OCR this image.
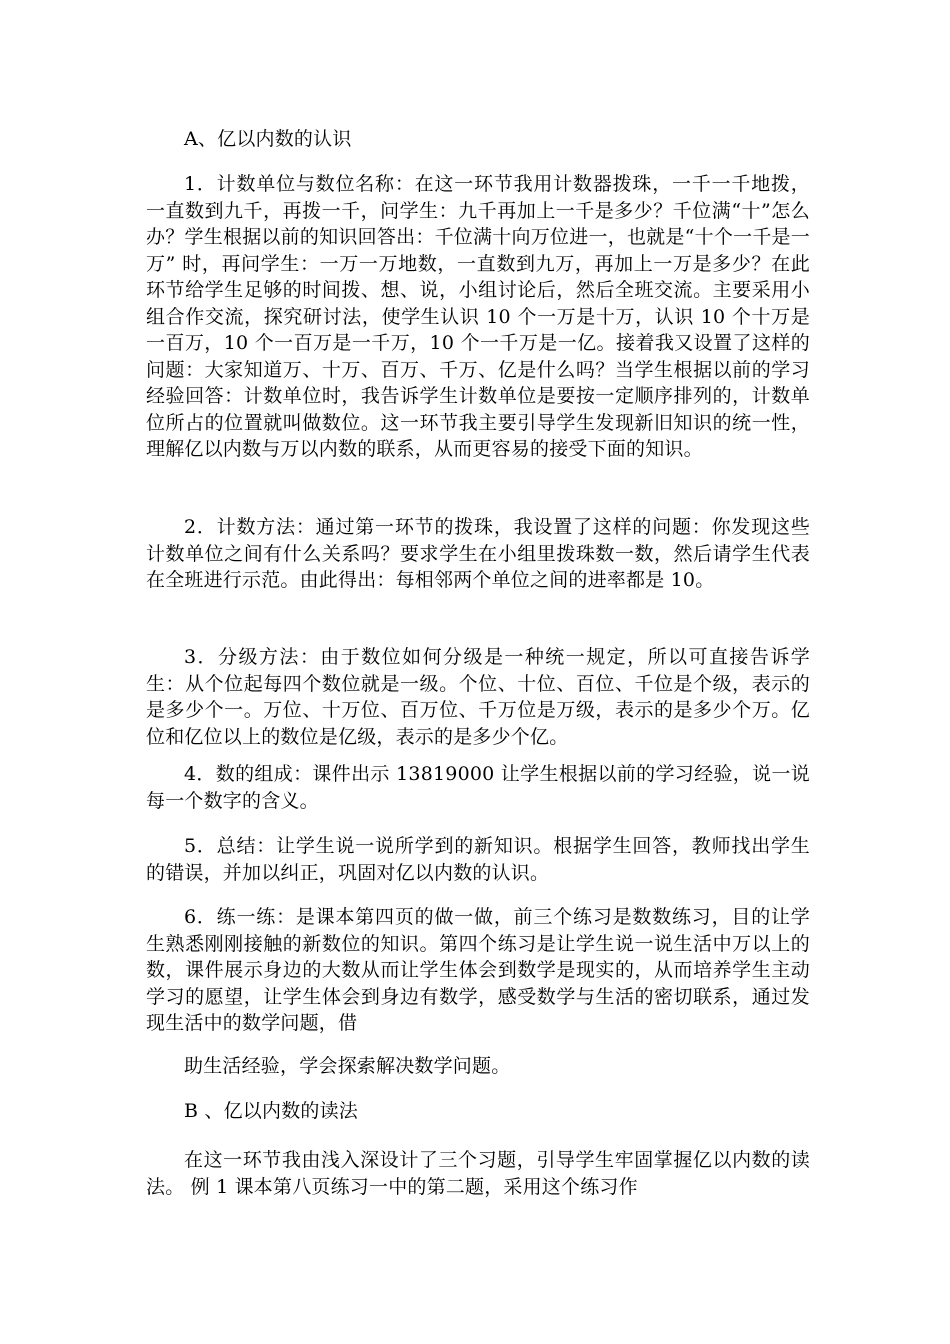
A、亿以内数的认识

1．计数单位与数位名称：在这一环节我用计数器拨珠，一千一千地拨，一直数到九千，再拨一千，问学生：九千再加上一千是多少？千位满“十”怎么办？学生根据以前的知识回答出：千位满十向万位进一，也就是“十个一千是一万” 时，再问学生：一万一万地数，一直数到九万，再加上一万是多少？在此环节给学生足够的时间拨、想、说，小组讨论后，然后全班交流。主要采用小组合作交流，探究研讨法，使学生认识 10 个一万是十万，认识 10 个十万是一百万，10 个一百万是一千万，10 个一千万是一亿。接着我又设置了这样的问题：大家知道万、十万、百万、千万、亿是什么吗？当学生根据以前的学习经验回答：计数单位时，我告诉学生计数单位是要按一定顺序排列的，计数单位所占的位置就叫做数位。这一环节我主要引导学生发现新旧知识的统一性，理解亿以内数与万以内数的联系，从而更容易的接受下面的知识。

2．计数方法：通过第一环节的拨珠，我设置了这样的问题：你发现这些计数单位之间有什么关系吗？要求学生在小组里拨珠数一数，然后请学生代表在全班进行示范。由此得出：每相邻两个单位之间的进率都是 10。

3．分级方法：由于数位如何分级是一种统一规定，所以可直接告诉学生：从个位起每四个数位就是一级。个位、十位、百位、千位是个级，表示的是多少个一。万位、十万位、百万位、千万位是万级，表示的是多少个万。亿位和亿位以上的数位是亿级，表示的是多少个亿。

4．数的组成：课件出示 13819000 让学生根据以前的学习经验，说一说每一个数字的含义。

5．总结：让学生说一说所学到的新知识。根据学生回答，教师找出学生的错误，并加以纠正，巩固对亿以内数的认识。

6．练一练：是课本第四页的做一做，前三个练习是数数练习，目的让学生熟悉刚刚接触的新数位的知识。第四个练习是让学生说一说生活中万以上的数，课件展示身边的大数从而让学生体会到数学是现实的，从而培养学生主动学习的愿望，让学生体会到身边有数学，感受数学与生活的密切联系，通过发现生活中的数学问题，借

助生活经验，学会探索解决数学问题。

B 、亿以内数的读法

在这一环节我由浅入深设计了三个习题，引导学生牢固掌握亿以内数的读法。 例 1 课本第八页练习一中的第二题，采用这个练习作
